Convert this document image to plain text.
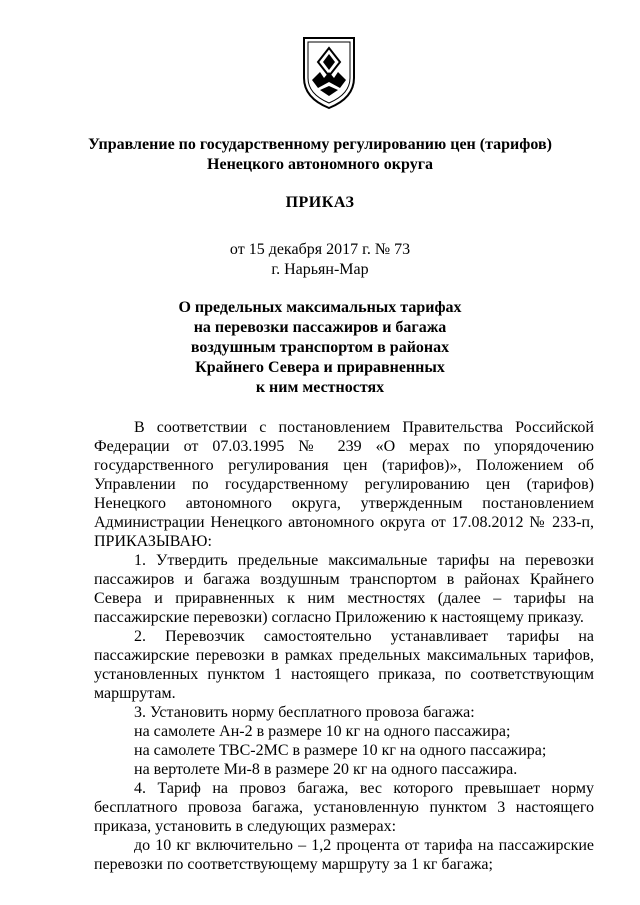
Управление по государственному регулированию цен (тарифов)
Ненецкого автономного округа
ПРИКАЗ
от 15 декабря 2017 г. № 73
г. Нарьян-Мар
О предельных максимальных тарифах
на перевозки пассажиров и багажа
воздушным транспортом в районах
Крайнего Севера и приравненных
к ним местностях

В соответствии с постановлением Правительства Российской Федерации от 07.03.1995 № 239 «О мерах по упорядочению государственного регулирования цен (тарифов)», Положением об Управлении по государственному регулированию цен (тарифов) Ненецкого автономного округа, утвержденным постановлением Администрации Ненецкого автономного округа от 17.08.2012 № 233-п, ПРИКАЗЫВАЮ:

1. Утвердить предельные максимальные тарифы на перевозки пассажиров и багажа воздушным транспортом в районах Крайнего Севера и приравненных к ним местностях (далее – тарифы на пассажирские перевозки) согласно Приложению к настоящему приказу.

2. Перевозчик самостоятельно устанавливает тарифы на пассажирские перевозки в рамках предельных максимальных тарифов, установленных пунктом 1 настоящего приказа, по соответствующим маршрутам.

3. Установить норму бесплатного провоза багажа:

на самолете Ан-2 в размере 10 кг на одного пассажира;

на самолете ТВС-2МС в размере 10 кг на одного пассажира;

на вертолете Ми-8 в размере 20 кг на одного пассажира.

4. Тариф на провоз багажа, вес которого превышает норму бесплатного провоза багажа, установленную пунктом 3 настоящего приказа, установить в следующих размерах:

до 10 кг включительно – 1,2 процента от тарифа на пассажирские перевозки по соответствующему маршруту за 1 кг багажа;
